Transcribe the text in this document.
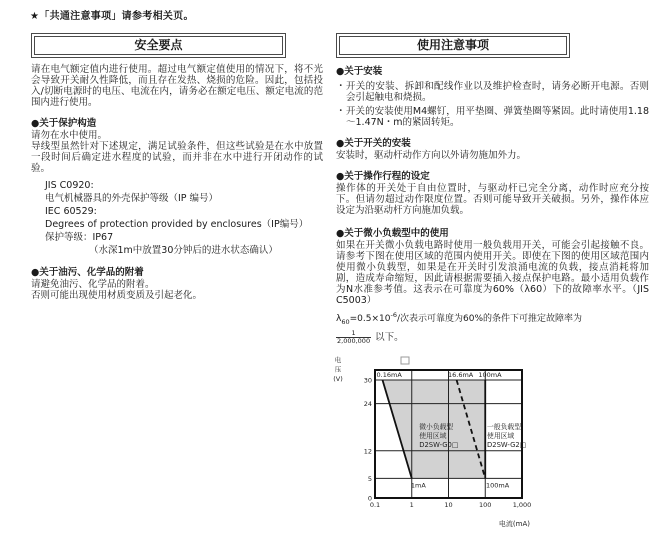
★「共通注意事项」请参考相关页。
安全要点

请在电气额定值内进行使用。超过电气额定值使用的情况下，将不光会导致开关耐久性降低，而且存在发热、烧损的危险。因此，包括投入/切断电源时的电压、电流在内，请务必在额定电压、额定电流的范围内进行使用。

●关于保护构造

请勿在水中使用。

导线型虽然针对下述规定，满足试验条件，但这些试验是在水中放置一段时间后确定进水程度的试验，而并非在水中进行开闭动作的试验。

JIS C0920:
电气机械器具的外壳保护等级（IP 编号）
IEC 60529:
Degrees of protection provided by enclosures（IP编号）
保护等级：IP67
（水深1m中放置30分钟后的进水状态确认）
●关于油污、化学品的附着

请避免油污、化学品的附着。

否则可能出现使用材质变质及引起老化。

使用注意事项
●关于安装
・ 开关的安装、拆卸和配线作业以及维护检查时，请务必断开电源。否则会引起触电和烧损。
・ 开关的安装使用M4螺钉，用平垫圈、弹簧垫圈等紧固。此时请使用1.18～1.47N・m的紧固转矩。
●关于开关的安装

安装时，驱动杆动作方向以外请勿施加外力。

●关于操作行程的设定

操作体的开关处于自由位置时，与驱动杆已完全分离，动作时应充分按下。但请勿超过动作限度位置。否则可能导致开关破损。另外，操作体应设定为沿驱动杆方向施加负载。

●关于微小负载型中的使用

如果在开关微小负载电路时使用一般负载用开关，可能会引起接触不良。请参考下图在使用区域的范围内使用开关。即使在下图的使用区域范围内使用微小负载型，如果是在开关时引发浪涌电流的负载，接点消耗将加剧，造成寿命缩短，因此请根据需要插入接点保护电路。最小适用负载作为N水准参考值。这表示在可靠度为60%（λ60）下的故障率水平。（JIS C5003）

$\lambda_{60}=0.5\times 10^{-6}/$次表示可靠度为60%的条件下可推定故障率为
$\frac{1}{2,000,000}$ 以下。
30
24
12
5
0
0.1	1	10	100	1,000
0.16mA	16.6mA 100mA
1mA	100mA
微小负载型
使用区域
D2SW-G0□
一般负载型
使用区域
D2SW-G2□
电
压
(V)
电流(mA)
